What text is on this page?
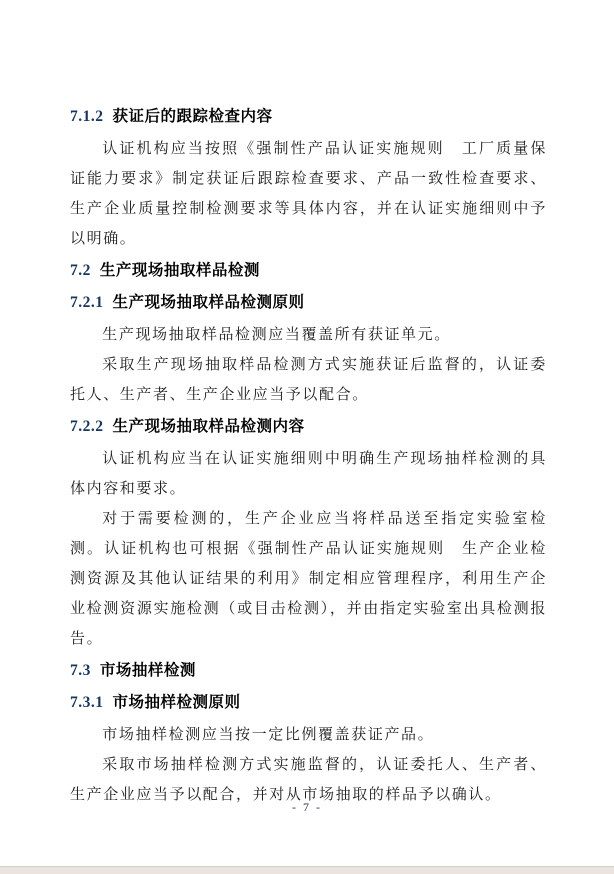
7.1.2 获证后的跟踪检查内容

认证机构应当按照《强制性产品认证实施规则　工厂质量保证能力要求》制定获证后跟踪检查要求、产品一致性检查要求、生产企业质量控制检测要求等具体内容，并在认证实施细则中予以明确。

7.2 生产现场抽取样品检测
7.2.1 生产现场抽取样品检测原则

生产现场抽取样品检测应当覆盖所有获证单元。

采取生产现场抽取样品检测方式实施获证后监督的，认证委托人、生产者、生产企业应当予以配合。

7.2.2 生产现场抽取样品检测内容

认证机构应当在认证实施细则中明确生产现场抽样检测的具体内容和要求。

对于需要检测的，生产企业应当将样品送至指定实验室检测。认证机构也可根据《强制性产品认证实施规则　生产企业检测资源及其他认证结果的利用》制定相应管理程序，利用生产企业检测资源实施检测（或目击检测），并由指定实验室出具检测报告。

7.3 市场抽样检测
7.3.1 市场抽样检测原则

市场抽样检测应当按一定比例覆盖获证产品。

采取市场抽样检测方式实施监督的，认证委托人、生产者、生产企业应当予以配合，并对从市场抽取的样品予以确认。

- 7 -
